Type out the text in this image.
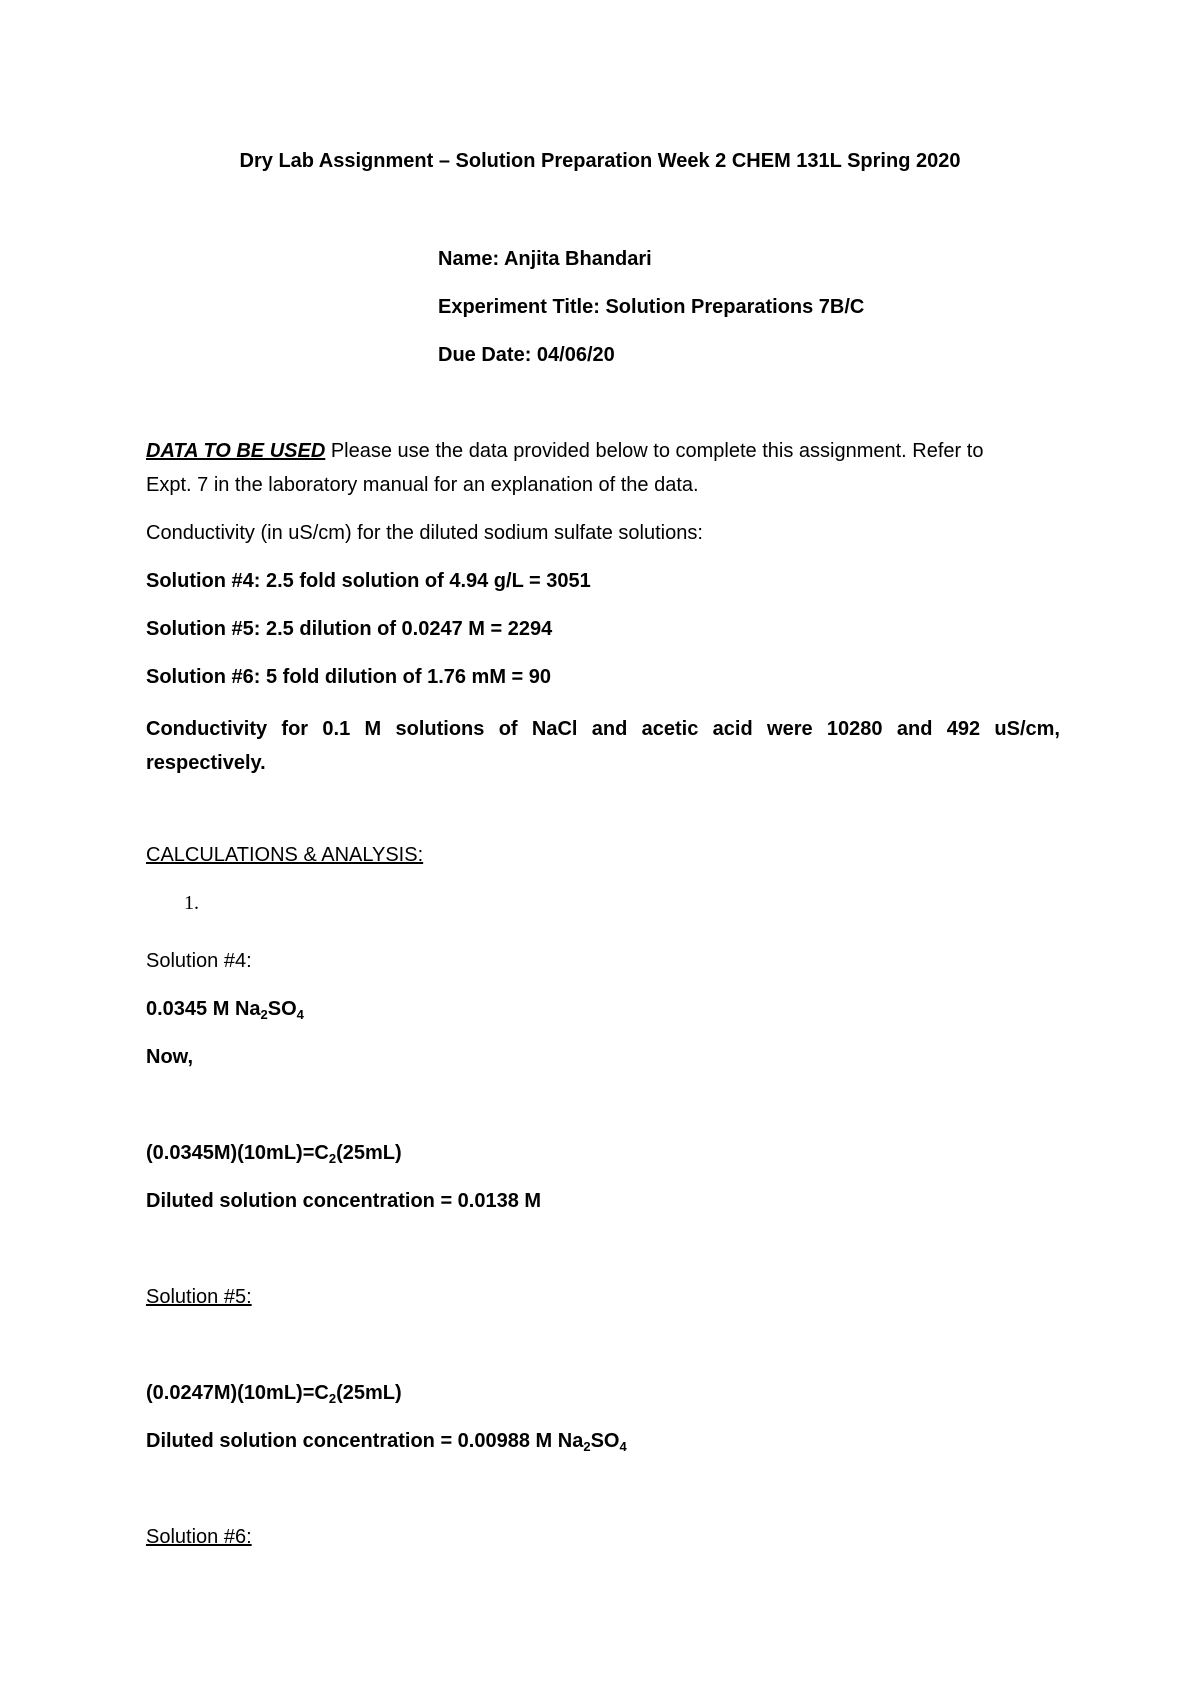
Dry Lab Assignment – Solution Preparation Week 2 CHEM 131L Spring 2020

Name: Anjita Bhandari

Experiment Title: Solution Preparations 7B/C

Due Date: 04/06/20

DATA TO BE USED Please use the data provided below to complete this assignment. Refer to

Expt. 7 in the laboratory manual for an explanation of the data.

Conductivity (in uS/cm) for the diluted sodium sulfate solutions:

Solution #4: 2.5 fold solution of 4.94 g/L = 3051

Solution #5: 2.5 dilution of 0.0247 M = 2294

Solution #6: 5 fold dilution of 1.76 mM = 90

Conductivity for 0.1 M solutions of NaCl and acetic acid were 10280 and 492 uS/cm, respectively.

CALCULATIONS & ANALYSIS:

1.

Solution #4:

0.0345 M $Na_2SO_4$

Now,

$(0.0345M)(10mL)=C_2(25mL)$

Diluted solution concentration = 0.0138 M

Solution #5:

$(0.0247M)(10mL)=C_2(25mL)$

Diluted solution concentration = 0.00988 M $Na_2SO_4$

Solution #6:
